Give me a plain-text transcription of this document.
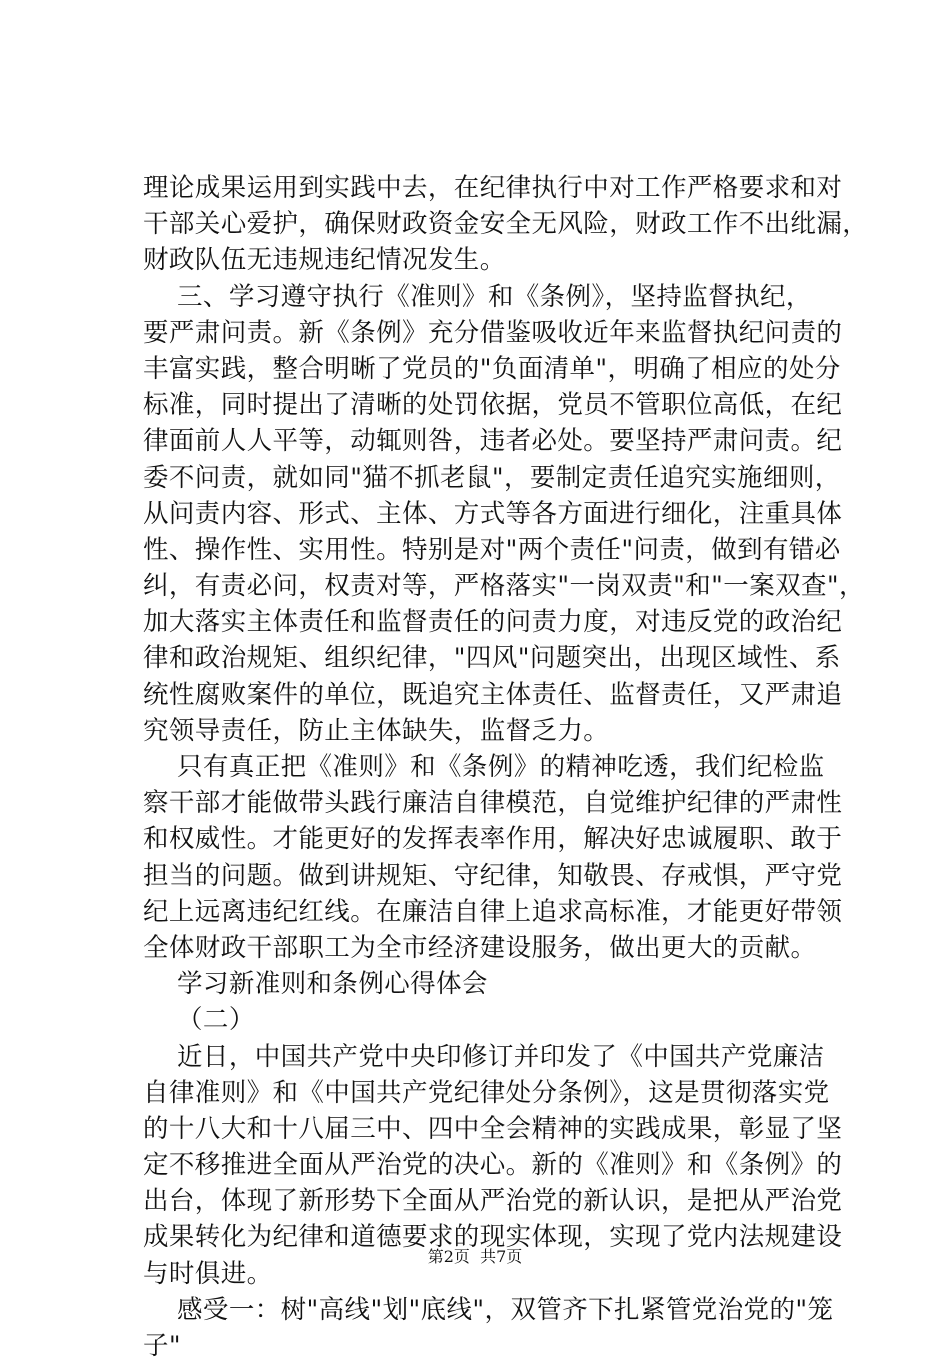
理论成果运用到实践中去，在纪律执行中对工作严格要求和对
干部关心爱护，确保财政资金安全无风险，财政工作不出纰漏，
财政队伍无违规违纪情况发生。
三、学习遵守执行《准则》和《条例》，坚持监督执纪，
要严肃问责。新《条例》充分借鉴吸收近年来监督执纪问责的
丰富实践，整合明晰了党员的"负面清单"，明确了相应的处分
标准，同时提出了清晰的处罚依据，党员不管职位高低，在纪
律面前人人平等，动辄则咎，违者必处。要坚持严肃问责。纪
委不问责，就如同"猫不抓老鼠"，要制定责任追究实施细则，
从问责内容、形式、主体、方式等各方面进行细化，注重具体
性、操作性、实用性。特别是对"两个责任"问责，做到有错必
纠，有责必问，权责对等，严格落实"一岗双责"和"一案双查"，
加大落实主体责任和监督责任的问责力度，对违反党的政治纪
律和政治规矩、组织纪律，"四风"问题突出，出现区域性、系
统性腐败案件的单位，既追究主体责任、监督责任，又严肃追
究领导责任，防止主体缺失，监督乏力。
只有真正把《准则》和《条例》的精神吃透，我们纪检监
察干部才能做带头践行廉洁自律模范，自觉维护纪律的严肃性
和权威性。才能更好的发挥表率作用，解决好忠诚履职、敢于
担当的问题。做到讲规矩、守纪律，知敬畏、存戒惧，严守党
纪上远离违纪红线。在廉洁自律上追求高标准，才能更好带领
全体财政干部职工为全市经济建设服务，做出更大的贡献。
学习新准则和条例心得体会
（二）
近日，中国共产党中央印修订并印发了《中国共产党廉洁
自律准则》和《中国共产党纪律处分条例》，这是贯彻落实党
的十八大和十八届三中、四中全会精神的实践成果，彰显了坚
定不移推进全面从严治党的决心。新的《准则》和《条例》的
出台，体现了新形势下全面从严治党的新认识，是把从严治党
成果转化为纪律和道德要求的现实体现，实现了党内法规建设
与时俱进。
感受一：树"高线"划"底线"，双管齐下扎紧管党治党的"笼
子"
第2页  共7页
